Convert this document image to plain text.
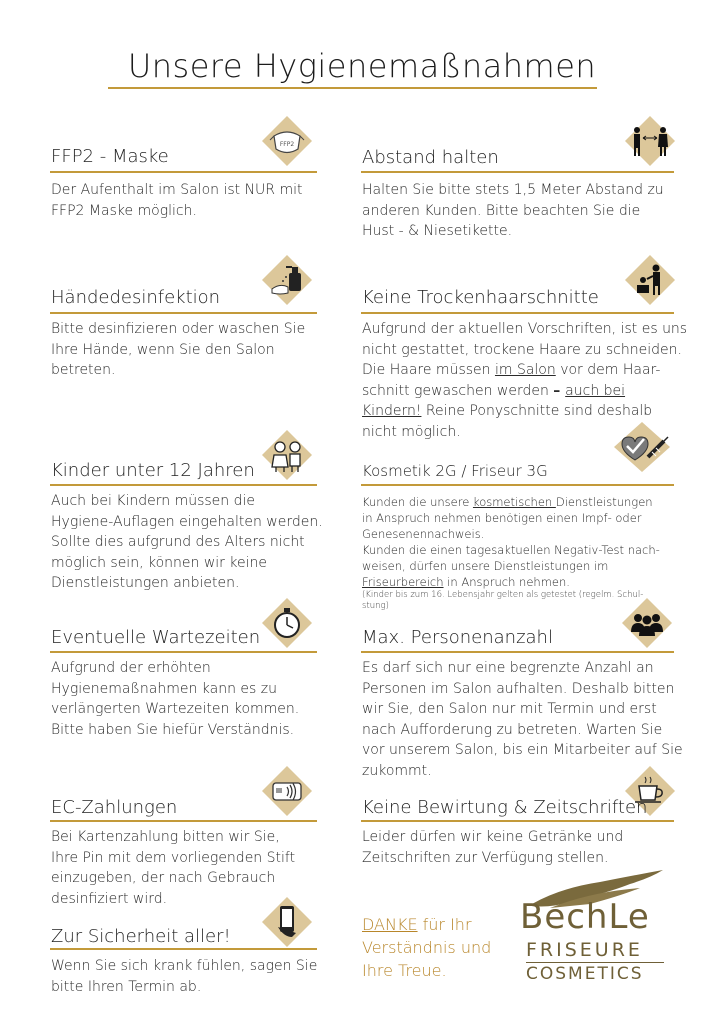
Unsere Hygienemaßnahmen
FFP2
FFP2 - Maske
Der Aufenthalt im Salon ist NUR mit
FFP2 Maske möglich.
Händedesinfektion
Bitte desinfizieren oder waschen Sie
Ihre Hände, wenn Sie den Salon
betreten.
Kinder unter 12 Jahren
Auch bei Kindern müssen die
Hygiene-Auflagen eingehalten werden.
Sollte dies aufgrund des Alters nicht
möglich sein, können wir keine
Dienstleistungen anbieten.
Eventuelle Wartezeiten
Aufgrund der erhöhten
Hygienemaßnahmen kann es zu
verlängerten Wartezeiten kommen.
Bitte haben Sie hiefür Verständnis.
EC-Zahlungen
Bei Kartenzahlung bitten wir Sie,
Ihre Pin mit dem vorliegenden Stift
einzugeben, der nach Gebrauch
desinfiziert wird.
Zur Sicherheit aller!
Wenn Sie sich krank fühlen, sagen Sie
bitte Ihren Termin ab.
Abstand halten
Halten Sie bitte stets 1,5 Meter Abstand zu
anderen Kunden. Bitte beachten Sie die
Hust - & Niesetikette.
Keine Trockenhaarschnitte
Aufgrund der aktuellen Vorschriften, ist es uns
nicht gestattet, trockene Haare zu schneiden.
Die Haare müssen im Salon vor dem Haar-
schnitt gewaschen werden – auch bei
Kindern! Reine Ponyschnitte sind deshalb
nicht möglich.
Kosmetik 2G / Friseur 3G
Kunden die unsere kosmetischen Dienstleistungen
in Anspruch nehmen benötigen einen Impf- oder
Genesenennachweis.
Kunden die einen tagesaktuellen Negativ-Test nach-
weisen, dürfen unsere Dienstleistungen im
Friseurbereich in Anspruch nehmen.
(Kinder bis zum 16. Lebensjahr gelten als getestet (regelm. Schul-
stung)
Max. Personenanzahl
Es darf sich nur eine begrenzte Anzahl an
Personen im Salon aufhalten. Deshalb bitten
wir Sie, den Salon nur mit Termin und erst
nach Aufforderung zu betreten. Warten Sie
vor unserem Salon, bis ein Mitarbeiter auf Sie
zukommt.
Keine Bewirtung & Zeitschriften
Leider dürfen wir keine Getränke und
Zeitschriften zur Verfügung stellen.
DANKE für Ihr
Verständnis und
Ihre Treue.
BechLe
FRISEURE
COSMETICS
